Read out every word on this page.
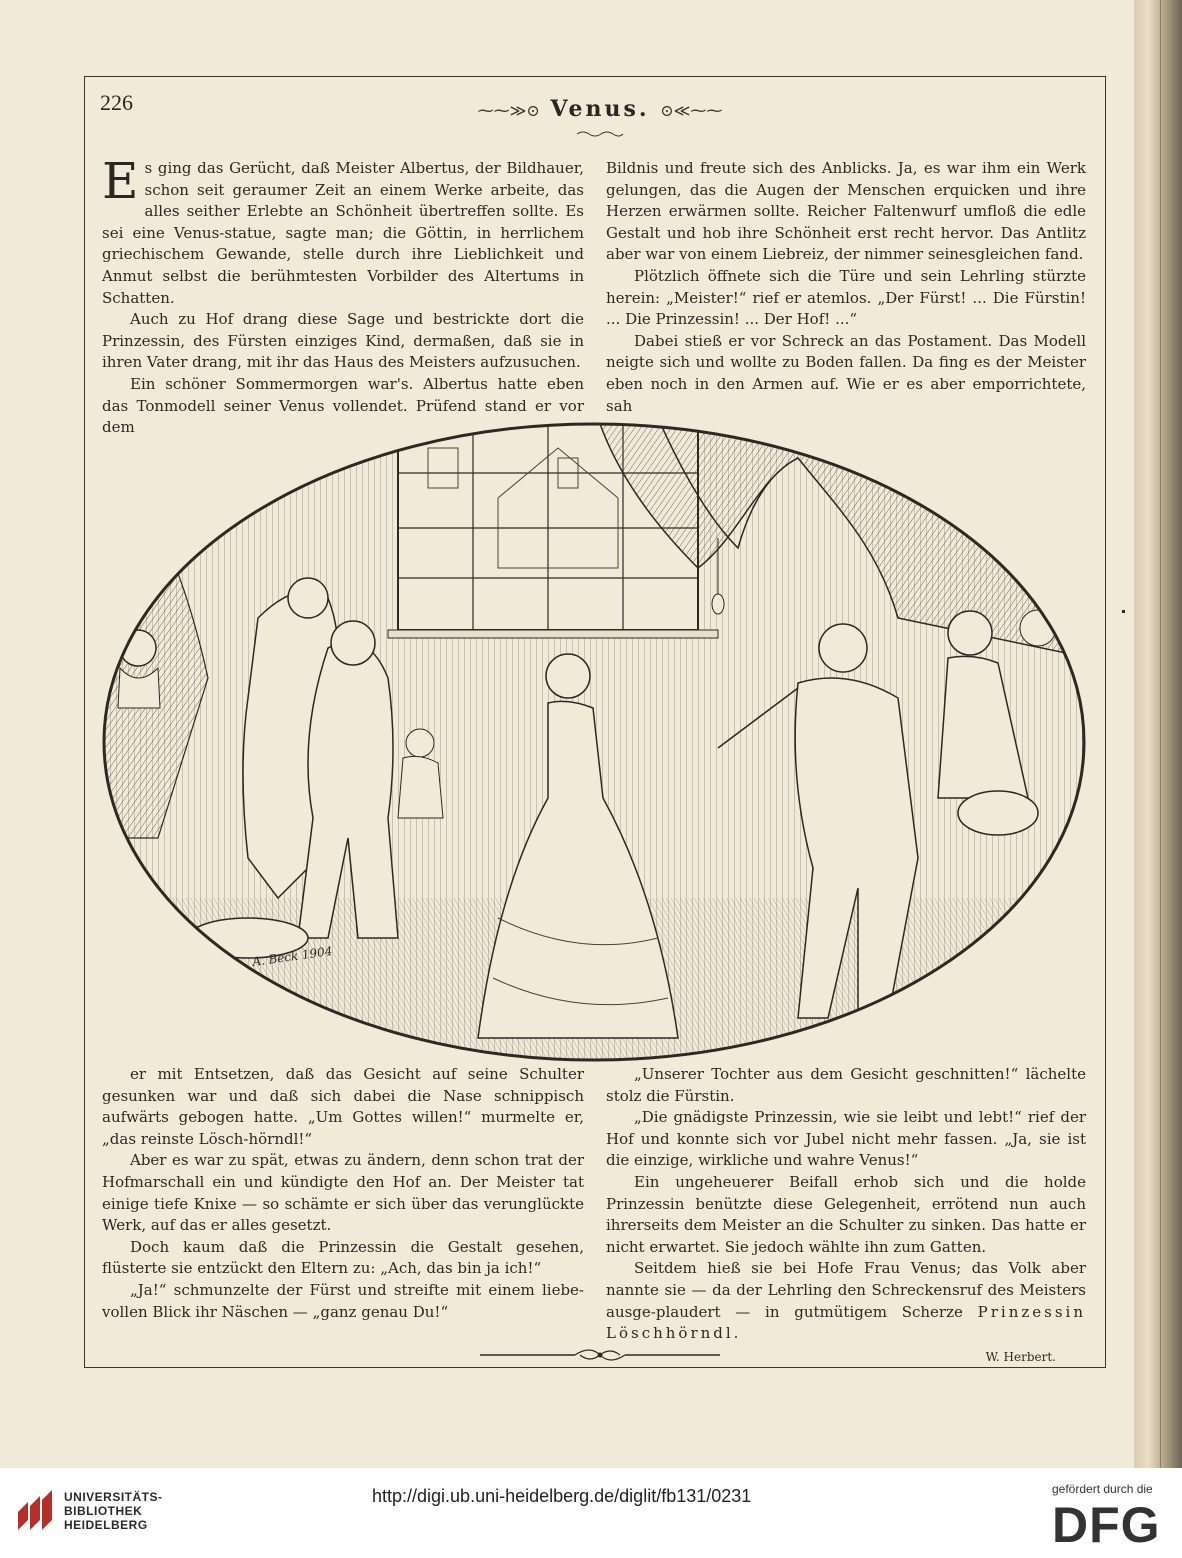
226	⁓⁓≫⊙ Venus. ⊙≪⁓⁓

Es ging das Gerücht, daß Meister Albertus, der Bildhauer, schon seit geraumer Zeit an einem Werke arbeite, das alles seither Erlebte an Schönheit übertreffen sollte. Es sei eine Venus-statue, sagte man; die Göttin, in herrlichem griechischem Gewande, stelle durch ihre Lieblichkeit und Anmut selbst die berühmtesten Vorbilder des Altertums in Schatten.

Auch zu Hof drang diese Sage und bestrickte dort die Prinzessin, des Fürsten einziges Kind, dermaßen, daß sie in ihren Vater drang, mit ihr das Haus des Meisters aufzusuchen.

Ein schöner Sommermorgen war's. Albertus hatte eben das Tonmodell seiner Venus vollendet. Prüfend stand er vor dem

Bildnis und freute sich des Anblicks. Ja, es war ihm ein Werk gelungen, das die Augen der Menschen erquicken und ihre Herzen erwärmen sollte. Reicher Faltenwurf umfloß die edle Gestalt und hob ihre Schönheit erst recht hervor. Das Antlitz aber war von einem Liebreiz, der nimmer seinesgleichen fand.

Plötzlich öffnete sich die Türe und sein Lehrling stürzte herein: „Meister!“ rief er atemlos. „Der Fürst! ... Die Fürstin! ... Die Prinzessin! ... Der Hof! ...“

Dabei stieß er vor Schreck an das Postament. Das Modell neigte sich und wollte zu Boden fallen. Da fing es der Meister eben noch in den Armen auf. Wie er es aber emporrichtete, sah

A. Beck 1904

er mit Entsetzen, daß das Gesicht auf seine Schulter gesunken war und daß sich dabei die Nase schnippisch aufwärts gebogen hatte. „Um Gottes willen!“ murmelte er, „das reinste Lösch-hörndl!“

Aber es war zu spät, etwas zu ändern, denn schon trat der Hofmarschall ein und kündigte den Hof an. Der Meister tat einige tiefe Knixe — so schämte er sich über das verunglückte Werk, auf das er alles gesetzt.

Doch kaum daß die Prinzessin die Gestalt gesehen, flüsterte sie entzückt den Eltern zu: „Ach, das bin ja ich!“

„Ja!“ schmunzelte der Fürst und streifte mit einem liebe-vollen Blick ihr Näschen — „ganz genau Du!“

„Unserer Tochter aus dem Gesicht geschnitten!“ lächelte stolz die Fürstin.

„Die gnädigste Prinzessin, wie sie leibt und lebt!“ rief der Hof und konnte sich vor Jubel nicht mehr fassen. „Ja, sie ist die einzige, wirkliche und wahre Venus!“

Ein ungeheuerer Beifall erhob sich und die holde Prinzessin benützte diese Gelegenheit, errötend nun auch ihrerseits dem Meister an die Schulter zu sinken. Das hatte er nicht erwartet. Sie jedoch wählte ihn zum Gatten.

Seitdem hieß sie bei Hofe Frau Venus; das Volk aber nannte sie — da der Lehrling den Schreckensruf des Meisters ausge-plaudert — in gutmütigem Scherze Prinzessin Löschhörndl.

W. Herbert.
UNIVERSITÄTS-
BIBLIOTHEK
HEIDELBERG
http://digi.ub.uni-heidelberg.de/diglit/fb131/0231	gefördert durch die
DFG
